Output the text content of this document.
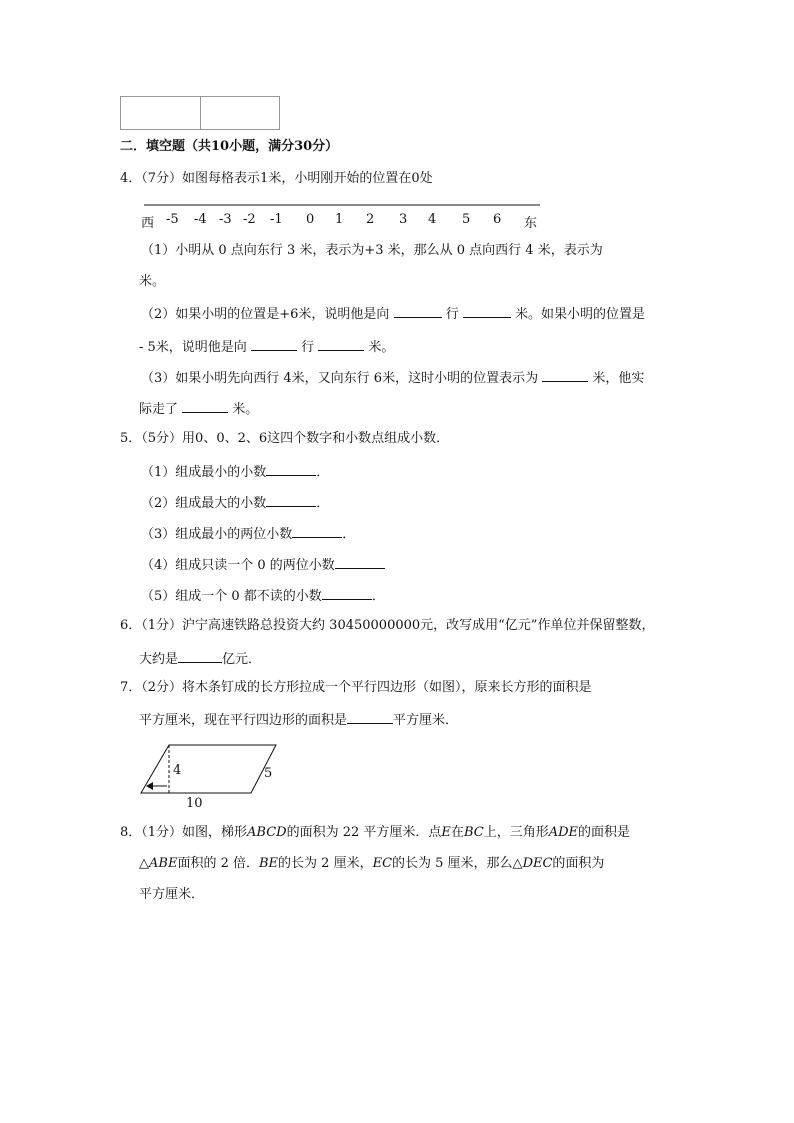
二．填空题（共10小题，满分30分）
4．（7分）如图每格表示1米，小明刚开始的位置在0处
西 -5 -4 -3 -2 -1 0 1 2 3 4 5 6 东
（1）小明从 0 点向东行 3 米，表示为+3 米，那么从 0 点向西行 4 米，表示为
米。
（2）如果小明的位置是+6米，说明他是向	行	米。如果小明的位置是
- 5米，说明他是向	行	米。
（3）如果小明先向西行 4米，又向东行 6米，这时小明的位置表示为	米，他实
际走了	米。
5．（5分）用0、0、2、6这四个数字和小数点组成小数．
（1）组成最小的小数	．
（2）组成最大的小数	．
（3）组成最小的两位小数	．
（4）组成只读一个 0 的两位小数
（5）组成一个 0 都不读的小数	．
6．（1分）沪宁高速铁路总投资大约 30450000000元，改写成用“亿元”作单位并保留整数，
大约是	亿元．
7．（2分）将木条钉成的长方形拉成一个平行四边形（如图），原来长方形的面积是
平方厘米，现在平行四边形的面积是	平方厘米．
4	5
10
8．（1分）如图，梯形ABCD的面积为 22 平方厘米．点E在BC上，三角形ADE的面积是
△ABE面积的 2 倍．BE的长为 2 厘米，EC的长为 5 厘米，那么△DEC的面积为
平方厘米．
